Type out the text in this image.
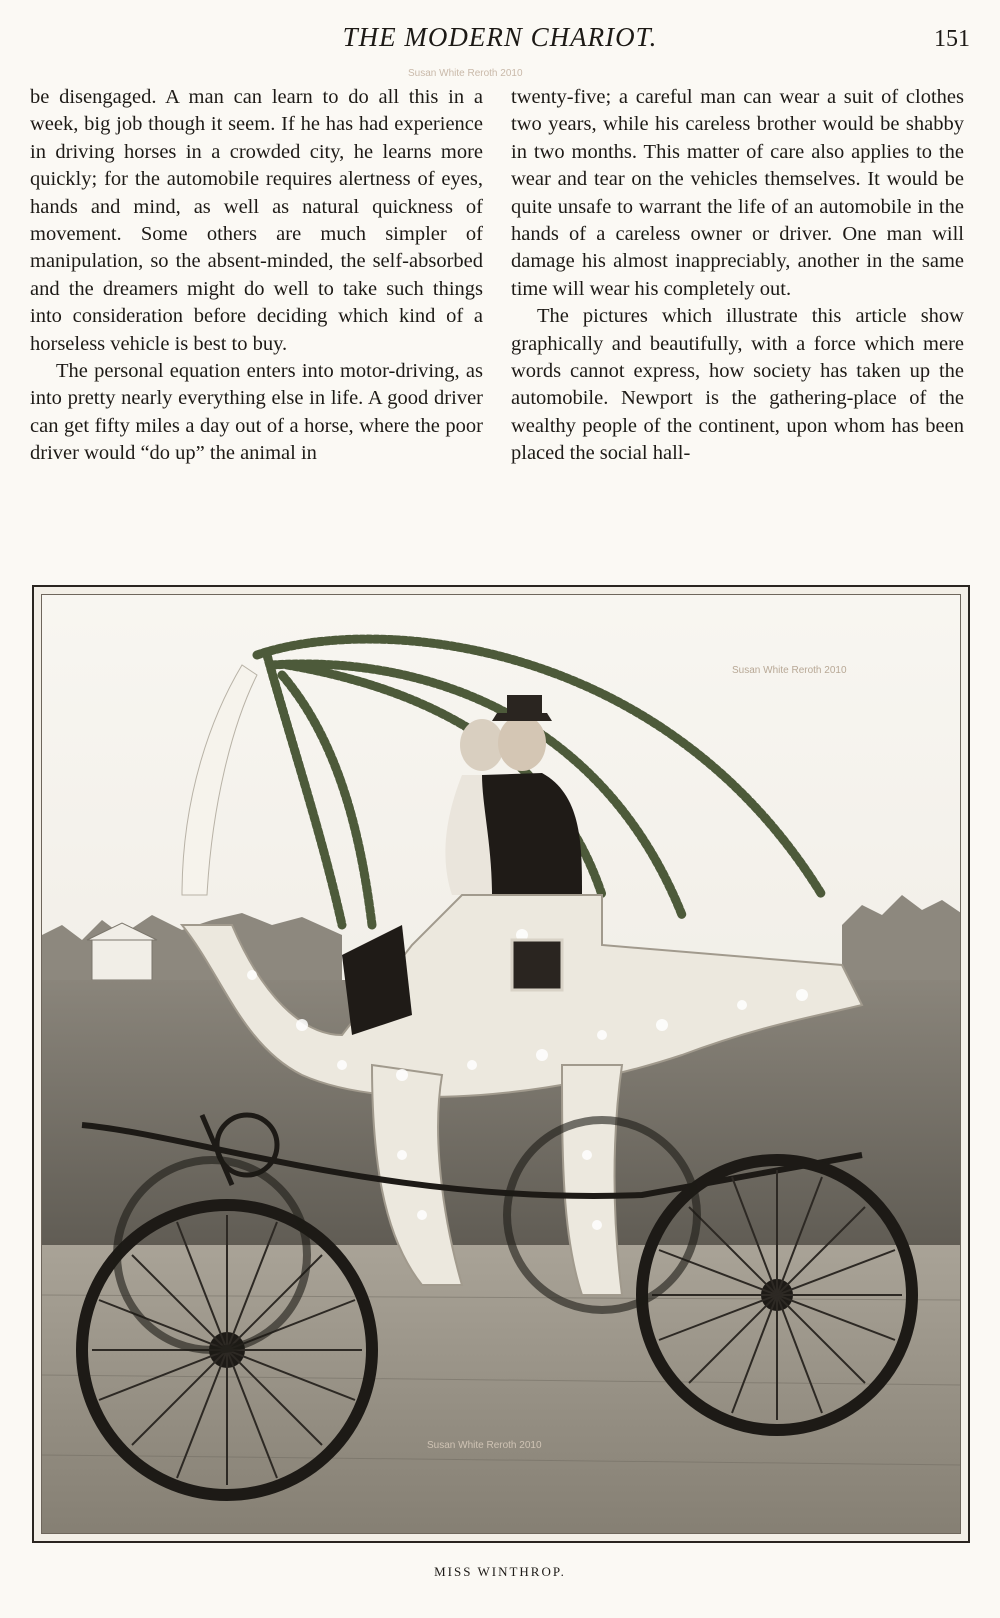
THE MODERN CHARIOT.	151
Susan White Reroth 2010

be disengaged. A man can learn to do all this in a week, big job though it seem. If he has had experience in driving horses in a crowded city, he learns more quickly; for the automobile requires alertness of eyes, hands and mind, as well as natural quickness of movement. Some others are much simpler of manipulation, so the absent-minded, the self-absorbed and the dreamers might do well to take such things into consideration before deciding which kind of a horseless vehicle is best to buy.

The personal equation enters into motor-driving, as into pretty nearly everything else in life. A good driver can get fifty miles a day out of a horse, where the poor driver would “do up” the animal in

twenty-five; a careful man can wear a suit of clothes two years, while his careless brother would be shabby in two months. This matter of care also applies to the wear and tear on the vehicles themselves. It would be quite unsafe to warrant the life of an automobile in the hands of a careless owner or driver. One man will damage his almost inappreciably, another in the same time will wear his completely out.

The pictures which illustrate this article show graphically and beautifully, with a force which mere words cannot express, how society has taken up the automobile. Newport is the gathering-place of the wealthy people of the continent, upon whom has been placed the social hall-

Susan White Reroth 2010
Susan White Reroth 2010
MISS WINTHROP.
